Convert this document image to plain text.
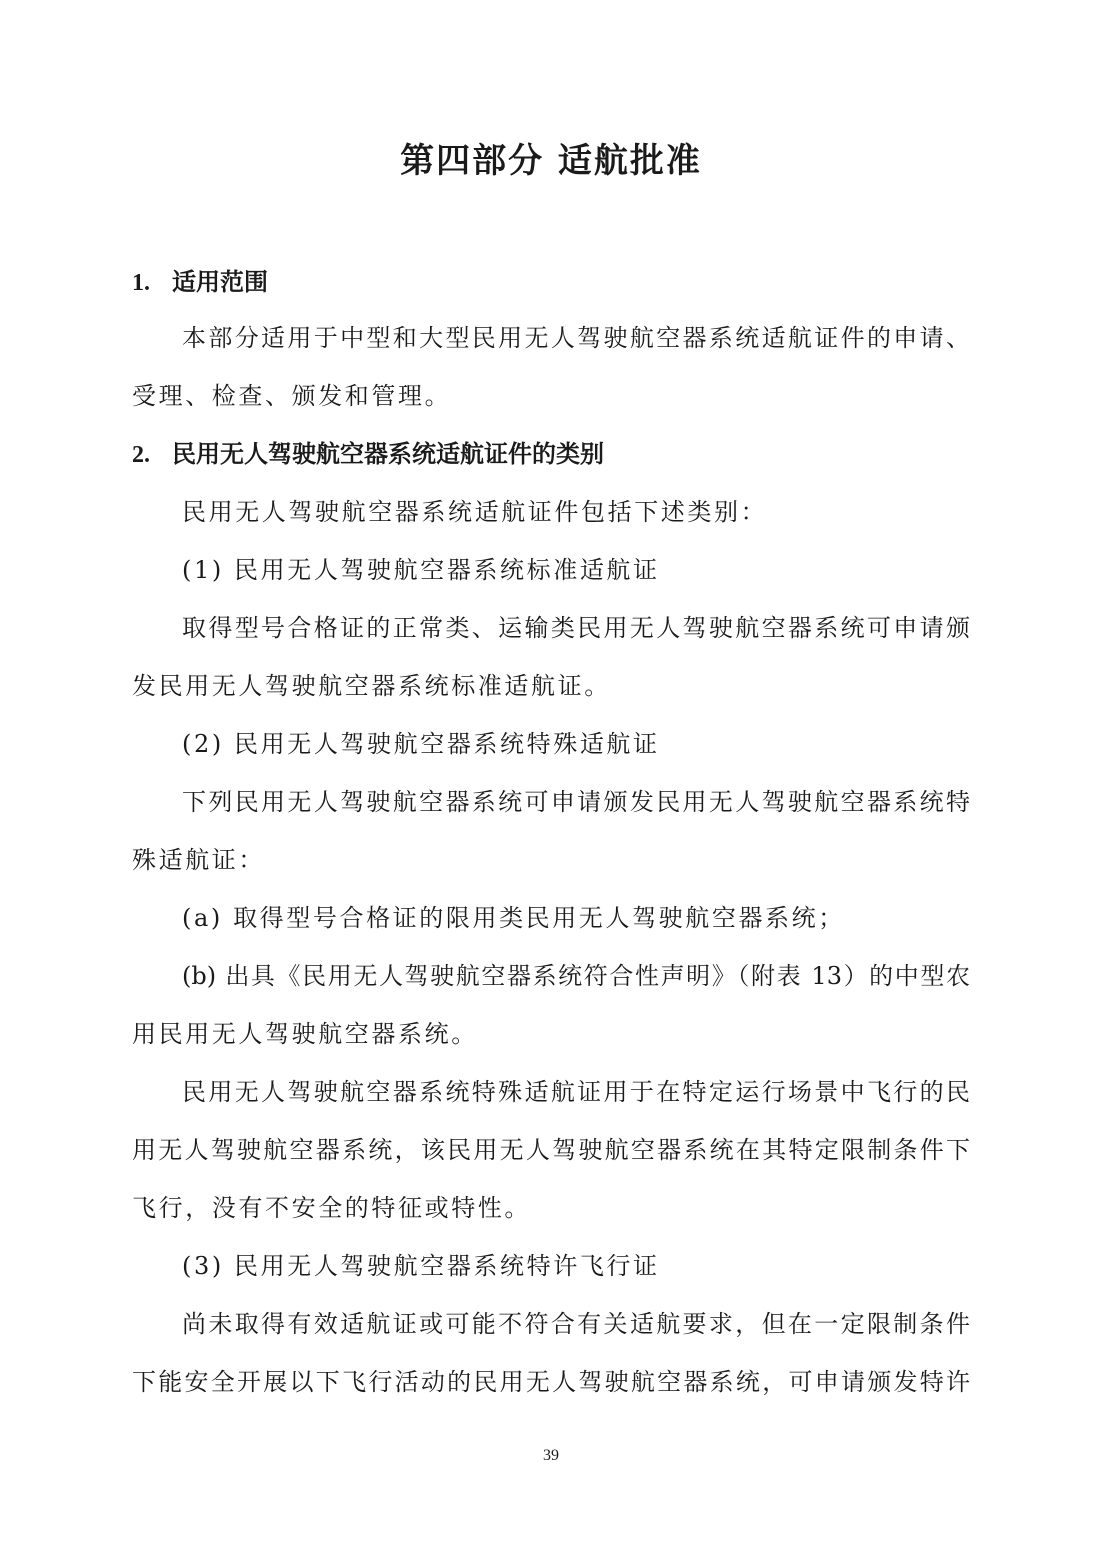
第四部分 适航批准
1. 适用范围
本部分适用于中型和大型民用无人驾驶航空器系统适航证件的申请、
受理、检查、颁发和管理。
2. 民用无人驾驶航空器系统适航证件的类别
民用无人驾驶航空器系统适航证件包括下述类别：
(1) 民用无人驾驶航空器系统标准适航证
取得型号合格证的正常类、运输类民用无人驾驶航空器系统可申请颁
发民用无人驾驶航空器系统标准适航证。
(2) 民用无人驾驶航空器系统特殊适航证
下列民用无人驾驶航空器系统可申请颁发民用无人驾驶航空器系统特
殊适航证：
(a) 取得型号合格证的限用类民用无人驾驶航空器系统；
(b) 出具《民用无人驾驶航空器系统符合性声明》（附表 13）的中型农
用民用无人驾驶航空器系统。
民用无人驾驶航空器系统特殊适航证用于在特定运行场景中飞行的民
用无人驾驶航空器系统，该民用无人驾驶航空器系统在其特定限制条件下
飞行，没有不安全的特征或特性。
(3) 民用无人驾驶航空器系统特许飞行证
尚未取得有效适航证或可能不符合有关适航要求，但在一定限制条件
下能安全开展以下飞行活动的民用无人驾驶航空器系统，可申请颁发特许
39
